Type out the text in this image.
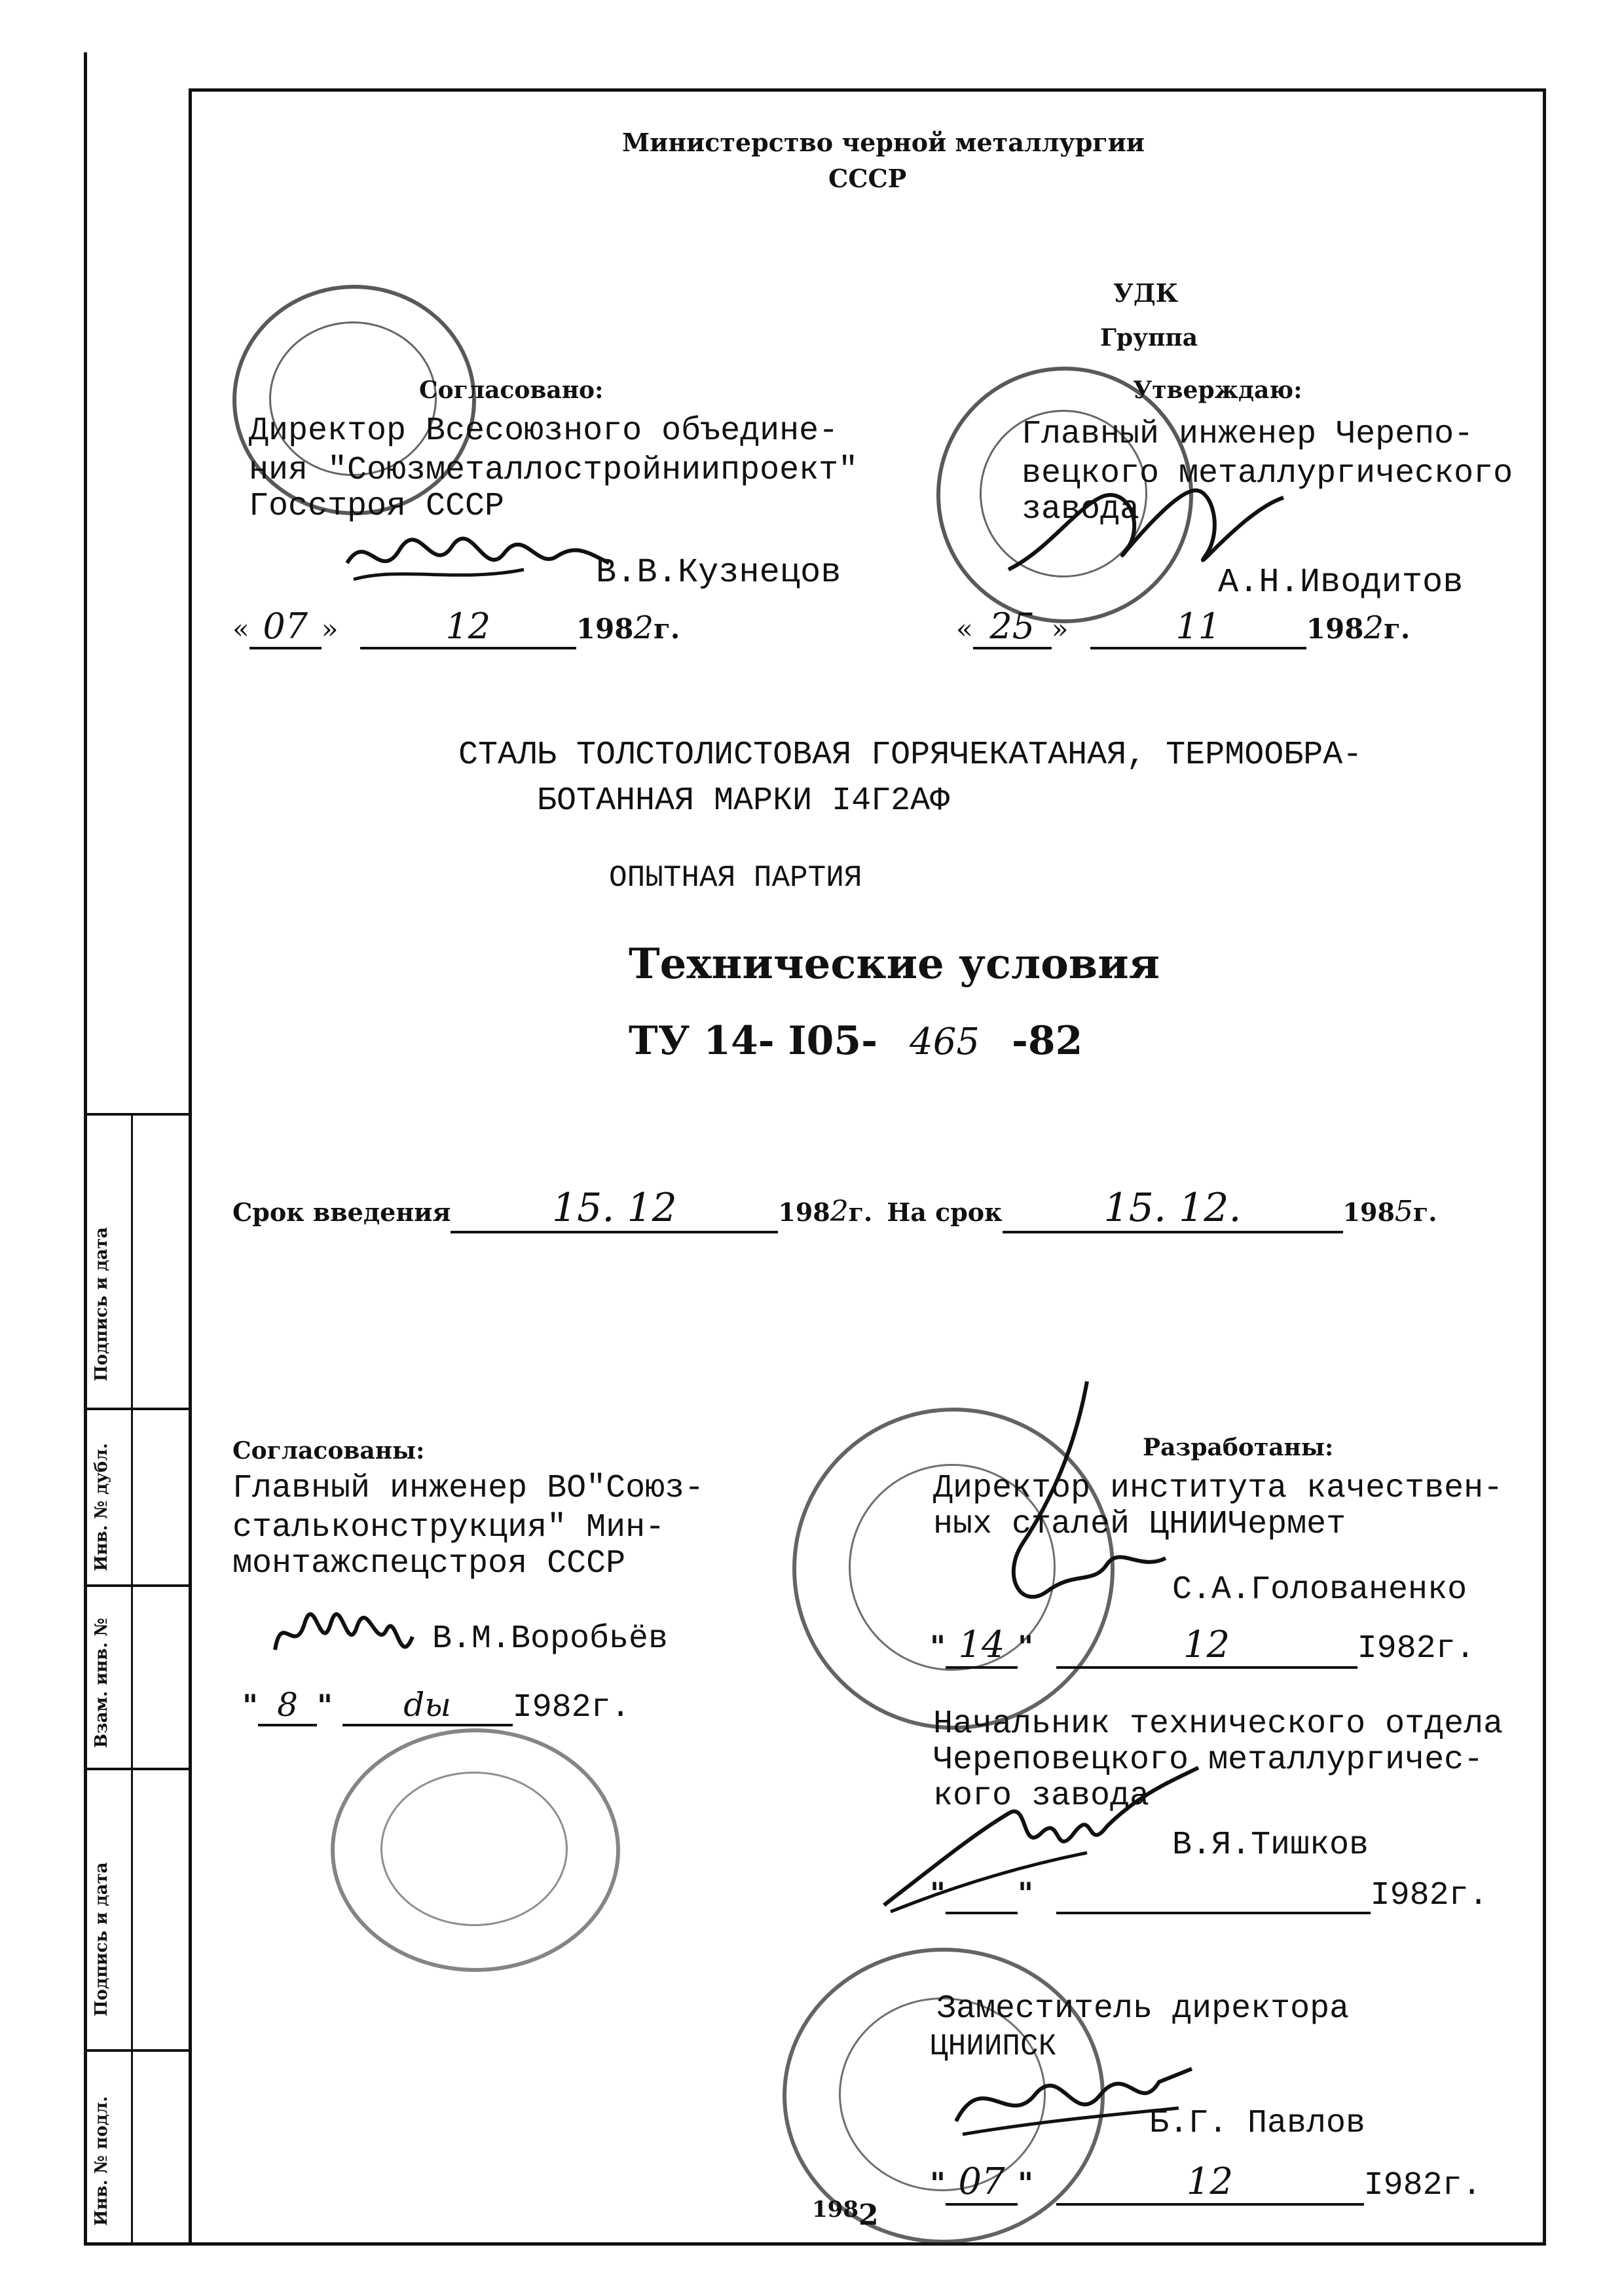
Подпись и дата
Инв. № дубл.
Взам. инв. №
Подпись и дата
Инв. № подл.
Министерство черной металлургии
СССР
УДК
Группа
Согласовано:
Директор Всесоюзного объедине-
ния "Союзметаллостройниипроект"
Госстроя СССР
В.В.Кузнецов
« 07 »	12	1982г.
Утверждаю:
Главный инженер Черепо-
вецкого металлургического
завода
А.Н.Иводитов
« 25 »	11	1982г.
СТАЛЬ ТОЛСТОЛИСТОВАЯ ГОРЯЧЕКАТАНАЯ, ТЕРМООБРА-
БОТАННАЯ МАРКИ I4Г2АФ
ОПЫТНАЯ ПАРТИЯ
Технические условия
ТУ 14- I05- 465 -82
Срок введения	15. 12	1982г. На срок	15. 12.	1985г.
Согласованы:
Главный инженер ВО"Союз-
стальконструкция" Мин-
монтажспецстроя СССР
В.М.Воробьёв
" 8 " dы I982г.
Разработаны:
Директор института качествен-
ных сталей ЦНИИЧермет
С.А.Голованенко
" 14 "	12	I982г.
Начальник технического отдела
Череповецкого металлургичес-
кого завода
В.Я.Тишков
" "	I982г.
Заместитель директора
ЦНИИПСК
Б.Г. Павлов
" 07 "	12	I982г.
1982
